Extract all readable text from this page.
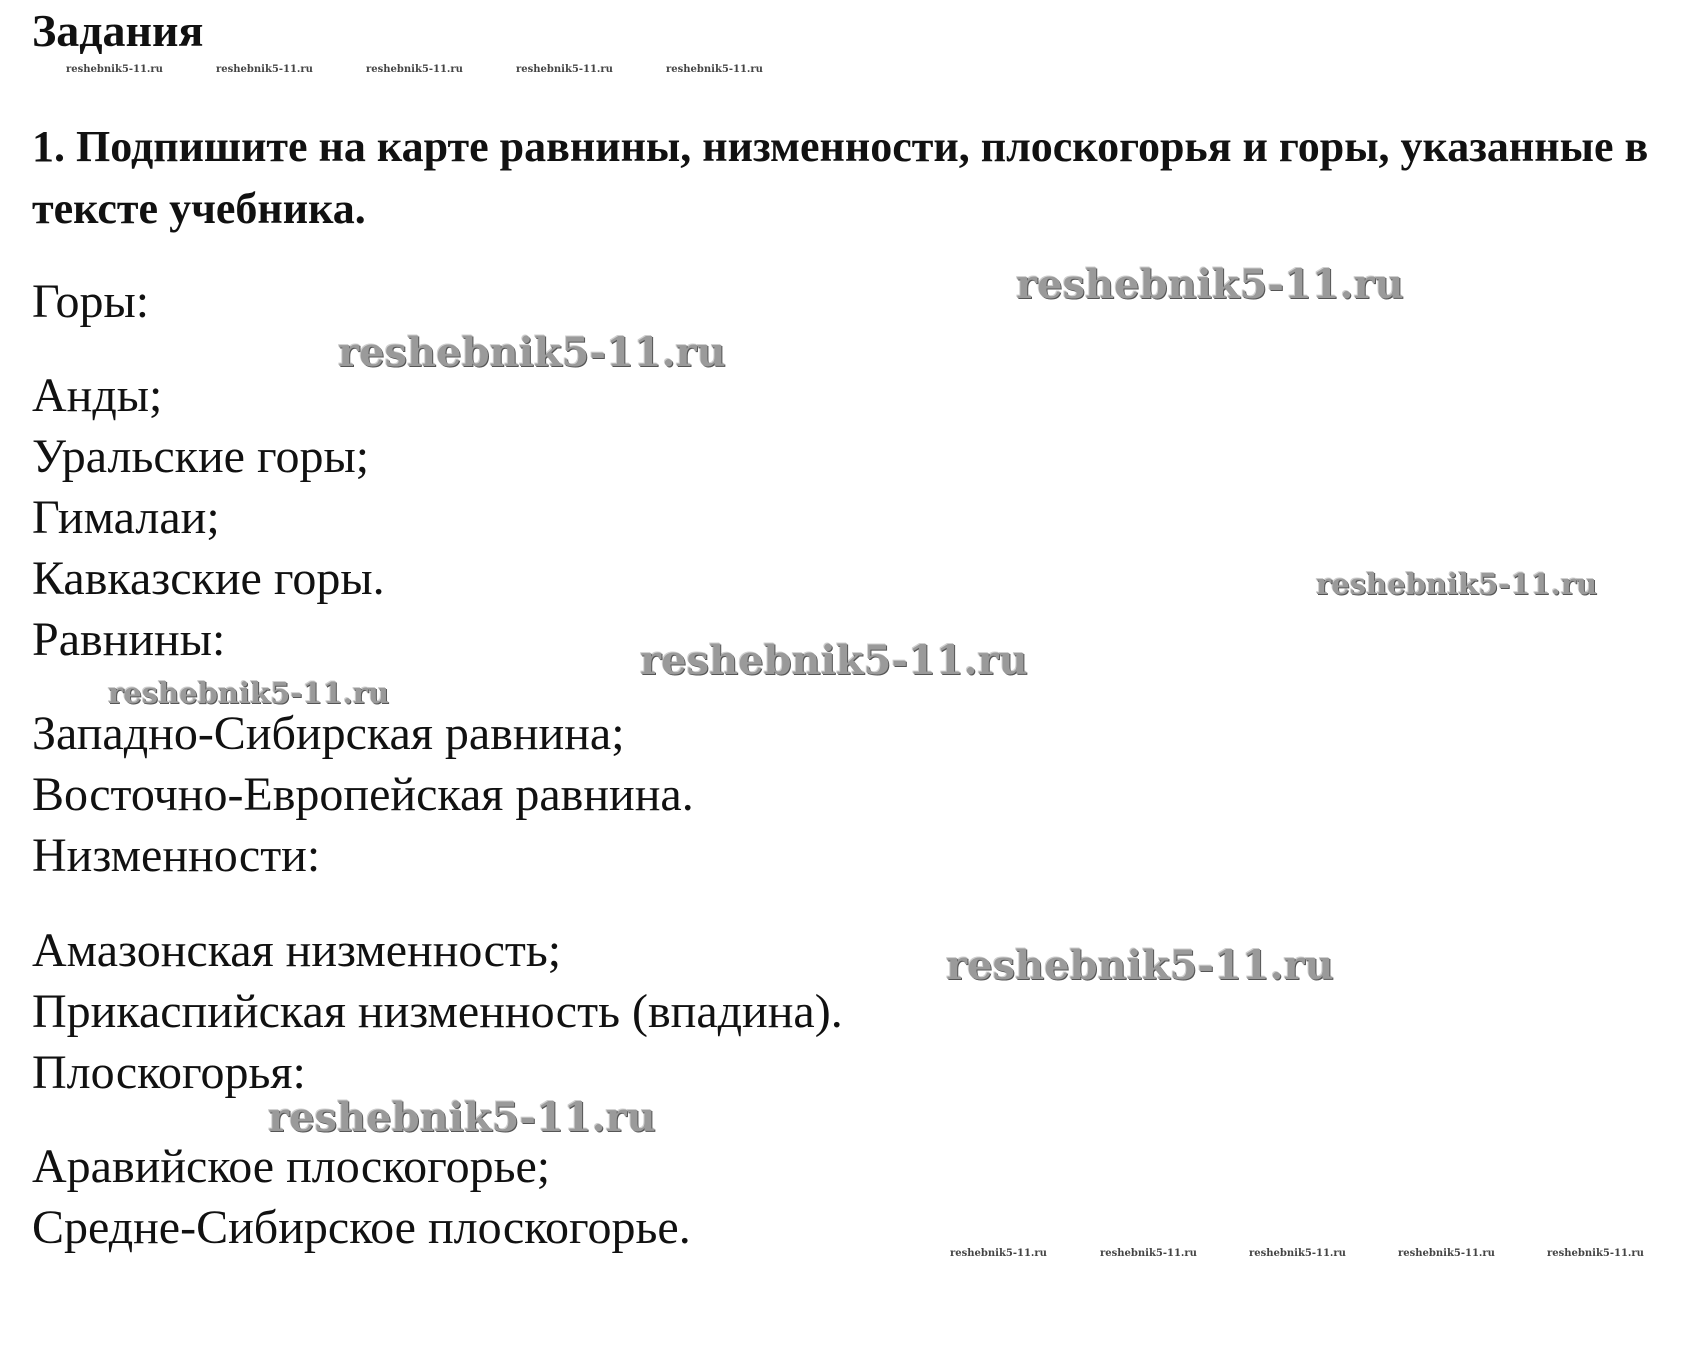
reshebnik5-11.ru	reshebnik5-11.ru	reshebnik5-11.ru	reshebnik5-11.ru	reshebnik5-11.ru
Задания
1. Подпишите на карте равнины, низменности, плоскогорья и горы, указанные в тексте учебника.
Горы:
Анды;
Уральские горы;
Гималаи;
Кавказские горы.
Равнины:
Западно-Сибирская равнина;
Восточно-Европейская равнина.
Низменности:
Амазонская низменность;
Прикаспийская низменность (впадина).
Плоскогорья:
Аравийское плоскогорье;
Средне-Сибирское плоскогорье.
reshebnik5-11.ru
reshebnik5-11.ru
reshebnik5-11.ru
reshebnik5-11.ru
reshebnik5-11.ru
reshebnik5-11.ru
reshebnik5-11.ru
reshebnik5-11.ru	reshebnik5-11.ru	reshebnik5-11.ru	reshebnik5-11.ru	reshebnik5-11.ru
